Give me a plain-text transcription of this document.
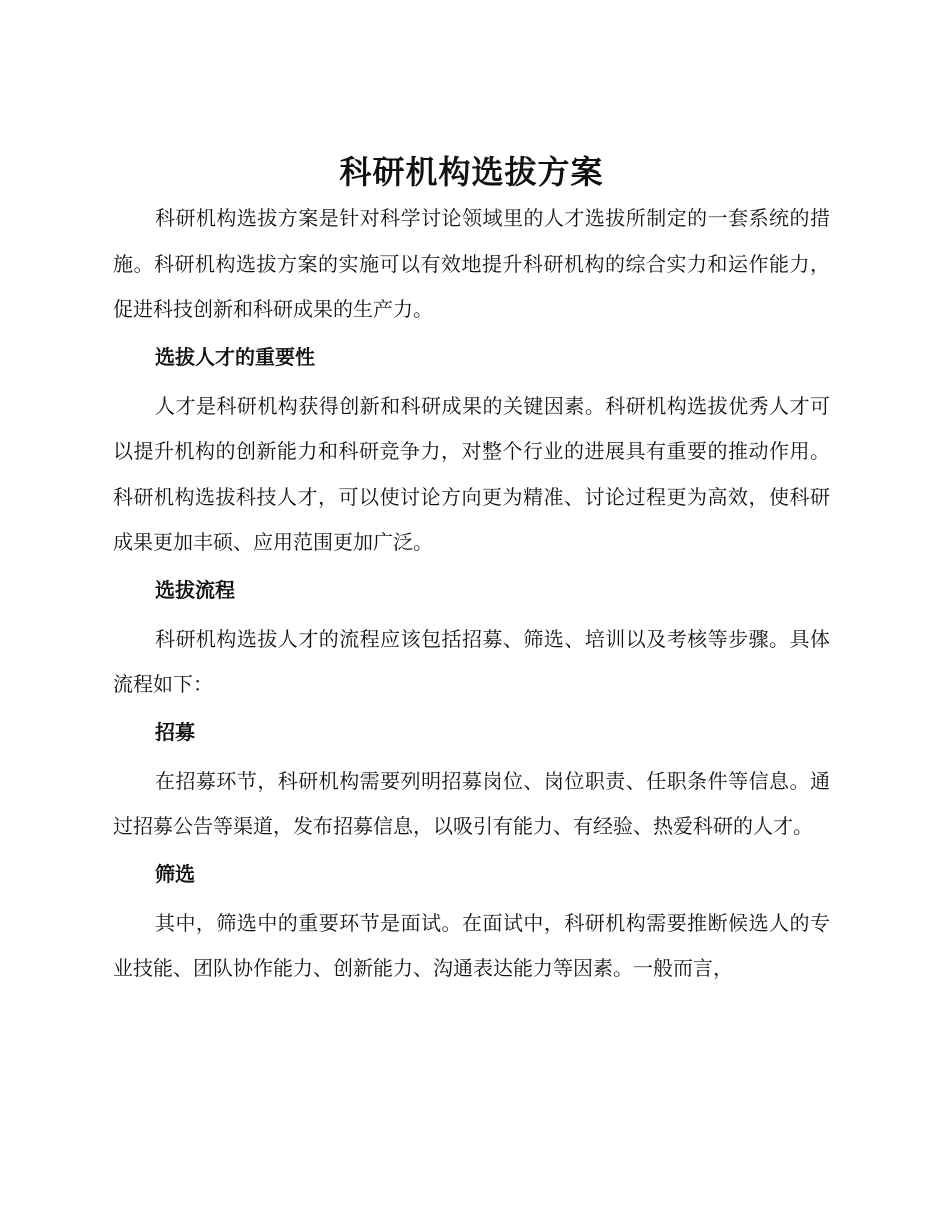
科研机构选拔方案

科研机构选拔方案是针对科学讨论领域里的人才选拔所制定的一套系统的措施。科研机构选拔方案的实施可以有效地提升科研机构的综合实力和运作能力，促进科技创新和科研成果的生产力。

选拔人才的重要性

人才是科研机构获得创新和科研成果的关键因素。科研机构选拔优秀人才可以提升机构的创新能力和科研竞争力，对整个行业的进展具有重要的推动作用。科研机构选拔科技人才，可以使讨论方向更为精准、讨论过程更为高效，使科研成果更加丰硕、应用范围更加广泛。

选拔流程

科研机构选拔人才的流程应该包括招募、筛选、培训以及考核等步骤。具体流程如下：

招募

在招募环节，科研机构需要列明招募岗位、岗位职责、任职条件等信息。通过招募公告等渠道，发布招募信息，以吸引有能力、有经验、热爱科研的人才。

筛选

其中，筛选中的重要环节是面试。在面试中，科研机构需要推断候选人的专业技能、团队协作能力、创新能力、沟通表达能力等因素。一般而言，
